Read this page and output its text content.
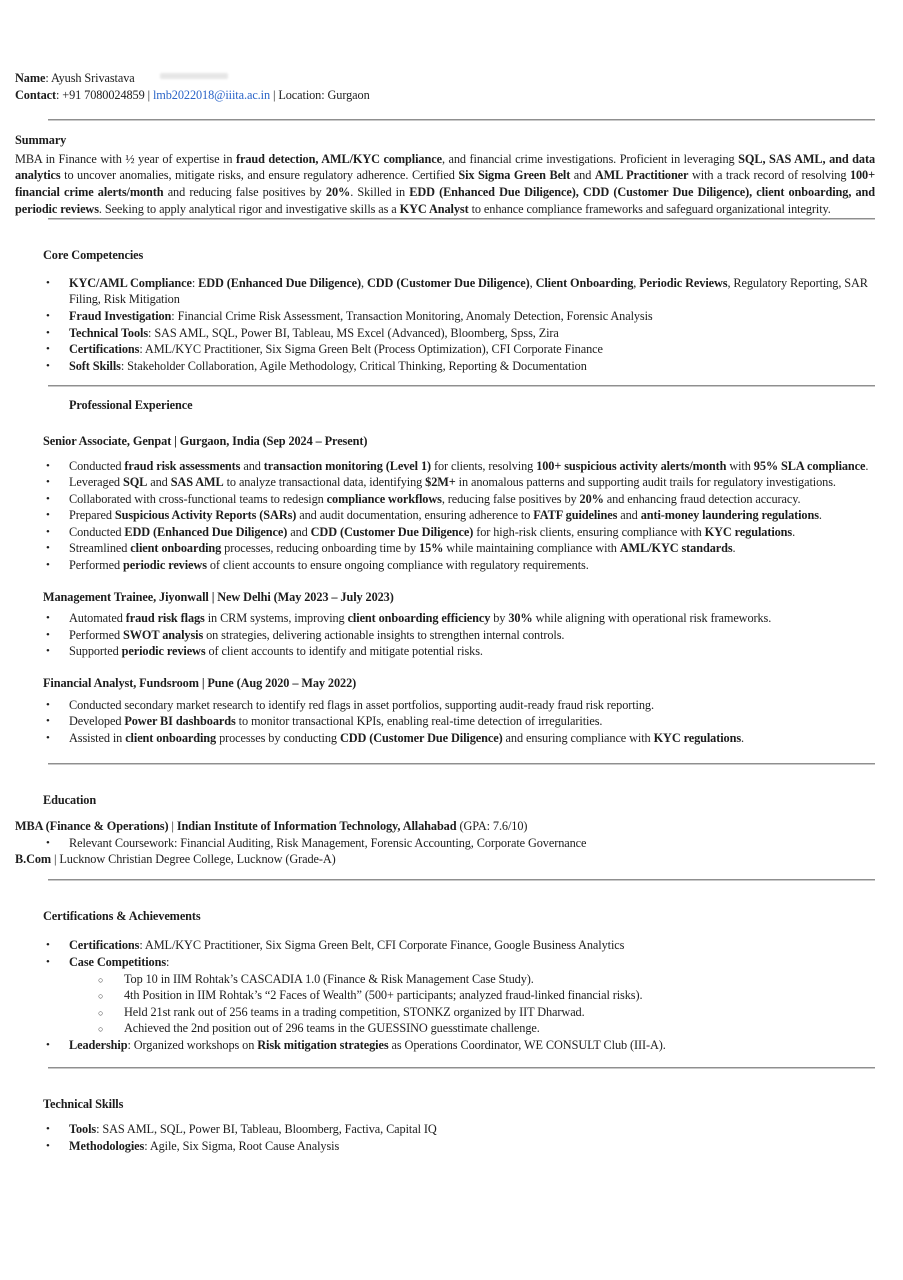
Name: Ayush Srivastava
Contact: +91 7080024859 | lmb2022018@iiita.ac.in | Location: Gurgaon
Summary
MBA in Finance with ½ year of expertise in fraud detection, AML/KYC compliance, and financial crime investigations. Proficient in leveraging SQL, SAS AML, and data analytics to uncover anomalies, mitigate risks, and ensure regulatory adherence. Certified Six Sigma Green Belt and AML Practitioner with a track record of resolving 100+ financial crime alerts/month and reducing false positives by 20%. Skilled in EDD (Enhanced Due Diligence), CDD (Customer Due Diligence), client onboarding, and periodic reviews. Seeking to apply analytical rigor and investigative skills as a KYC Analyst to enhance compliance frameworks and safeguard organizational integrity.
Core Competencies
• KYC/AML Compliance: EDD (Enhanced Due Diligence), CDD (Customer Due Diligence), Client Onboarding, Periodic Reviews, Regulatory Reporting, SAR Filing, Risk Mitigation
• Fraud Investigation: Financial Crime Risk Assessment, Transaction Monitoring, Anomaly Detection, Forensic Analysis
• Technical Tools: SAS AML, SQL, Power BI, Tableau, MS Excel (Advanced), Bloomberg, Spss, Zira
• Certifications: AML/KYC Practitioner, Six Sigma Green Belt (Process Optimization), CFI Corporate Finance
• Soft Skills: Stakeholder Collaboration, Agile Methodology, Critical Thinking, Reporting & Documentation
Professional Experience
Senior Associate, Genpat | Gurgaon, India (Sep 2024 – Present)
• Conducted fraud risk assessments and transaction monitoring (Level 1) for clients, resolving 100+ suspicious activity alerts/month with 95% SLA compliance.
• Leveraged SQL and SAS AML to analyze transactional data, identifying $2M+ in anomalous patterns and supporting audit trails for regulatory investigations.
• Collaborated with cross-functional teams to redesign compliance workflows, reducing false positives by 20% and enhancing fraud detection accuracy.
• Prepared Suspicious Activity Reports (SARs) and audit documentation, ensuring adherence to FATF guidelines and anti-money laundering regulations.
• Conducted EDD (Enhanced Due Diligence) and CDD (Customer Due Diligence) for high-risk clients, ensuring compliance with KYC regulations.
• Streamlined client onboarding processes, reducing onboarding time by 15% while maintaining compliance with AML/KYC standards.
• Performed periodic reviews of client accounts to ensure ongoing compliance with regulatory requirements.
Management Trainee, Jiyonwall | New Delhi (May 2023 – July 2023)
• Automated fraud risk flags in CRM systems, improving client onboarding efficiency by 30% while aligning with operational risk frameworks.
• Performed SWOT analysis on strategies, delivering actionable insights to strengthen internal controls.
• Supported periodic reviews of client accounts to identify and mitigate potential risks.
Financial Analyst, Fundsroom | Pune (Aug 2020 – May 2022)
• Conducted secondary market research to identify red flags in asset portfolios, supporting audit-ready fraud risk reporting.
• Developed Power BI dashboards to monitor transactional KPIs, enabling real-time detection of irregularities.
• Assisted in client onboarding processes by conducting CDD (Customer Due Diligence) and ensuring compliance with KYC regulations.
Education
MBA (Finance & Operations) | Indian Institute of Information Technology, Allahabad (GPA: 7.6/10)
• Relevant Coursework: Financial Auditing, Risk Management, Forensic Accounting, Corporate Governance
B.Com | Lucknow Christian Degree College, Lucknow (Grade-A)
Certifications & Achievements
• Certifications: AML/KYC Practitioner, Six Sigma Green Belt, CFI Corporate Finance, Google Business Analytics
• Case Competitions:
○ Top 10 in IIM Rohtak’s CASCADIA 1.0 (Finance & Risk Management Case Study).
○ 4th Position in IIM Rohtak’s “2 Faces of Wealth” (500+ participants; analyzed fraud-linked financial risks).
○ Held 21st rank out of 256 teams in a trading competition, STONKZ organized by IIT Dharwad.
○ Achieved the 2nd position out of 296 teams in the GUESSINO guesstimate challenge.
• Leadership: Organized workshops on Risk mitigation strategies as Operations Coordinator, WE CONSULT Club (III-A).
Technical Skills
• Tools: SAS AML, SQL, Power BI, Tableau, Bloomberg, Factiva, Capital IQ
• Methodologies: Agile, Six Sigma, Root Cause Analysis
